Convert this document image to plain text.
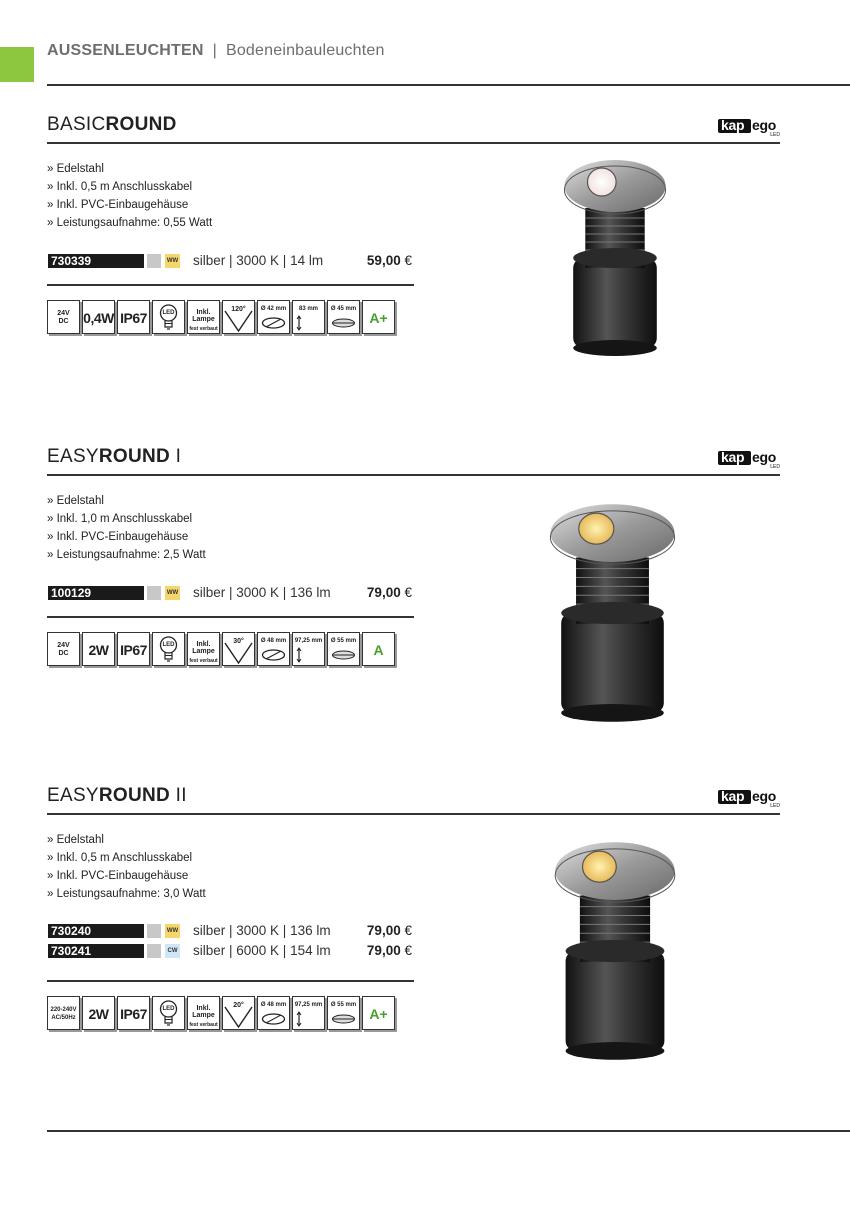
AUSSENLEUCHTEN | Bodeneinbauleuchten
BASICROUND	kap ego
LED
» Edelstahl
» Inkl. 0,5 m Anschlusskabel
» Inkl. PVC-Einbaugehäuse
» Leistungsaufnahme: 0,55 Watt
730339	WW silber | 3000 K | 14 lm	59,00 €
24V
DC	0,4W IP67	LED	Inkl.
Lampe
fest verbaut
120°	Ø 42 mm	83 mm	Ø 45 mm
A+
EASYROUND I	kap ego
LED
» Edelstahl
» Inkl. 1,0 m Anschlusskabel
» Inkl. PVC-Einbaugehäuse
» Leistungsaufnahme: 2,5 Watt
100129	WW silber | 3000 K | 136 lm	79,00 €
24V
DC	2W IP67	LED	Inkl.
Lampe
fest verbaut
30°	Ø 48 mm	97,25 mm	Ø 55 mm
A
EASYROUND II	kap ego
LED
» Edelstahl
» Inkl. 0,5 m Anschlusskabel
» Inkl. PVC-Einbaugehäuse
» Leistungsaufnahme: 3,0 Watt
730240	WW silber | 3000 K | 136 lm	79,00 €
730241	CW silber | 6000 K | 154 lm	79,00 €
220-240V
AC/50Hz 2W IP67	LED	Inkl.
Lampe
fest verbaut
20°	Ø 48 mm	97,25 mm	Ø 55 mm
A+
